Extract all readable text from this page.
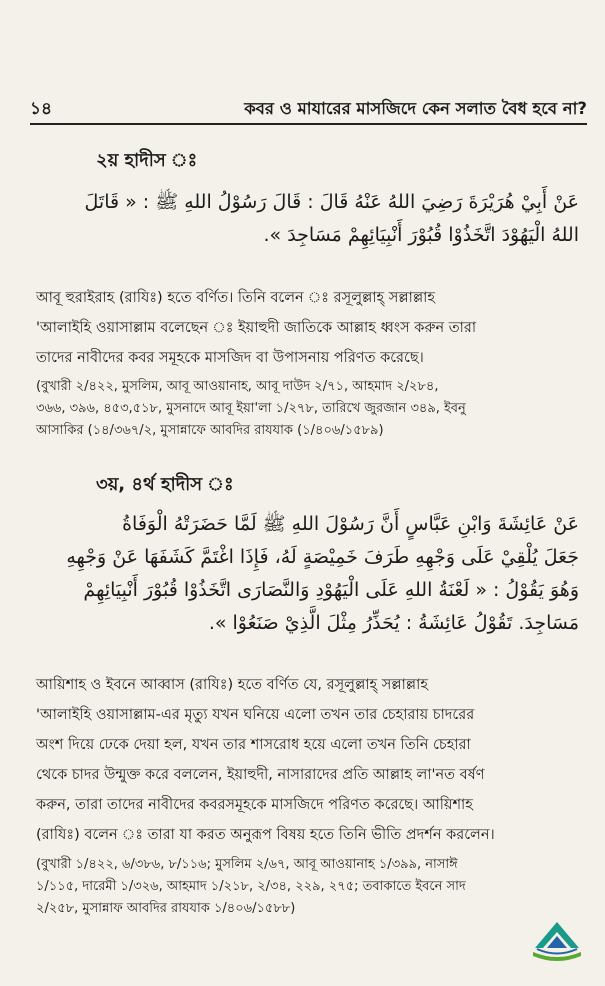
১৪	কবর ও মাযারের মাসজিদে কেন সলাত বৈধ হবে না?
২য় হাদীস ঃ
عَنْ أَبِيْ هُرَيْرَةَ رَضِيَ اللهُ عَنْهُ قَالَ : قَالَ رَسُوْلُ اللهِ ﷺ : « قَاتَلَ
اللهُ الْيَهُوْدَ اتَّخَذُوْا قُبُوْرَ أَنْبِيَائِهِمْ مَسَاجِدَ ».
আবূ হুরাইরাহ (রাযিঃ) হতে বর্ণিত। তিনি বলেন ঃ রসূলুল্লাহ্ সল্লাল্লাহ
'আলাইহি ওয়াসাল্লাম বলেছেন ঃ ইয়াহুদী জাতিকে আল্লাহ ধ্বংস করুন তারা
তাদের নাবীদের কবর সমূহকে মাসজিদ বা উপাসনায় পরিণত করেছে।
(বুখারী ২/৪২২, মুসলিম, আবূ আওয়ানাহ, আবূ দাউদ ২/৭১, আহমাদ ২/২৮৪,
৩৬৬, ৩৯৬, ৪৫৩,৫১৮, মুসনাদে আবূ ইয়া'লা ১/২৭৮, তারিখে জুরজান ৩৪৯, ইবনু
আসাকির (১৪/৩৬৭/২, মুসান্নাফে আবদির রাযযাক (১/৪০৬/১৫৮৯)
৩য়, ৪র্থ হাদীস ঃ
عَنْ عَائِشَةَ وَابْنِ عَبَّاسٍ أَنَّ رَسُوْلَ اللهِ ﷺ لَمَّا حَضَرَتْهُ الْوَفَاةُ
جَعَلَ يُلْقِيْ عَلَى وَجْهِهِ طَرَفَ خَمِيْصَةٍ لَهُ، فَإِذَا اغْتَمَّ كَشَفَهَا عَنْ وَجْهِهِ
وَهُوَ يَقُوْلُ : « لَعْنَةُ اللهِ عَلَى الْيَهُوْدِ وَالنَّصَارَى اتَّخَذُوْا قُبُوْرَ أَنْبِيَائِهِمْ
مَسَاجِدَ. تَقُوْلُ عَائِشَةُ : يُحَذِّرُ مِثْلَ الَّذِيْ صَنَعُوْا ».
আয়িশাহ ও ইবনে আব্বাস (রাযিঃ) হতে বর্ণিত যে, রসূলুল্লাহ্ সল্লাল্লাহ
'আলাইহি ওয়াসাল্লাম-এর মৃত্যু যখন ঘনিয়ে এলো তখন তার চেহারায় চাদরের
অংশ দিয়ে ঢেকে দেয়া হল, যখন তার শাসরোধ হয়ে এলো তখন তিনি চেহারা
থেকে চাদর উন্মুক্ত করে বললেন, ইয়াহুদী, নাসারাদের প্রতি আল্লাহ লা'নত বর্ষণ
করুন, তারা তাদের নাবীদের কবরসমূহকে মাসজিদে পরিণত করেছে। আয়িশাহ
(রাযিঃ) বলেন ঃ তারা যা করত অনুরূপ বিষয় হতে তিনি ভীতি প্রদর্শন করলেন।
(বুখারী ১/৪২২, ৬/৩৮৬, ৮/১১৬; মুসলিম ২/৬৭, আবূ আওয়ানাহ ১/৩৯৯, নাসাঈ
১/১১৫, দারেমী ১/৩২৬, আহমাদ ১/২১৮, ২/৩৪, ২২৯, ২৭৫; তবাকাতে ইবনে সাদ
২/২৫৮, মুসান্নাফ আবদির রাযযাক ১/৪০৬/১৫৮৮)
